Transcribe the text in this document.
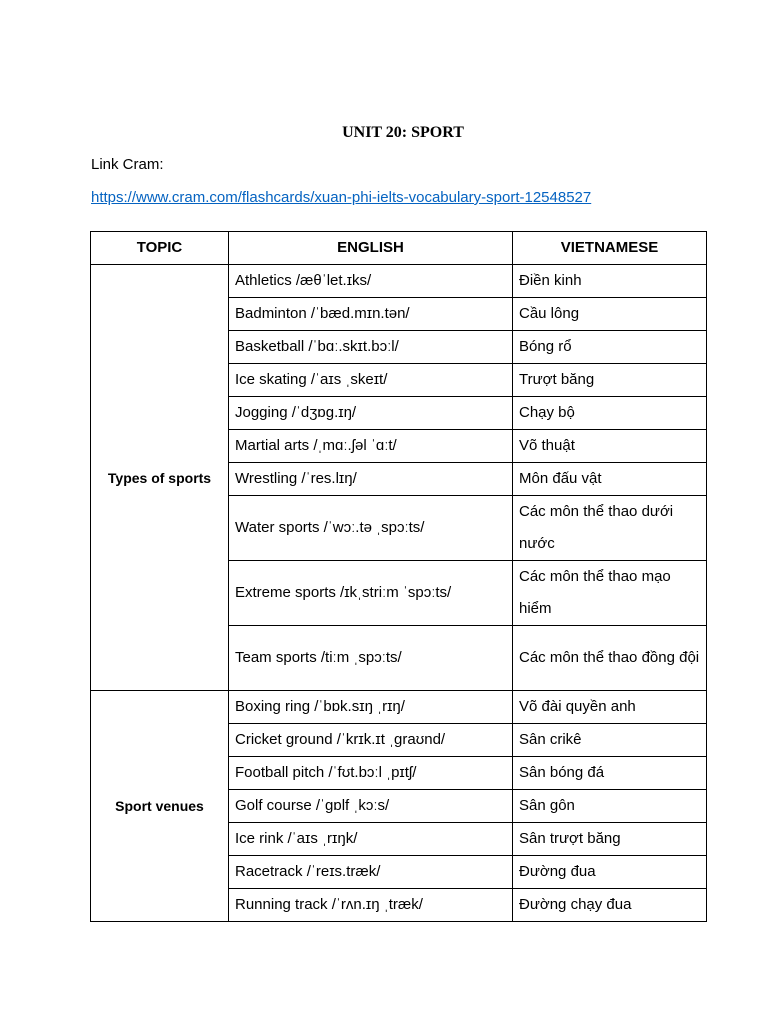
UNIT 20: SPORT
Link Cram:
https://www.cram.com/flashcards/xuan-phi-ielts-vocabulary-sport-12548527
TOPIC	ENGLISH	VIETNAMESE
Types of sports	Athletics /æθˈlet.ɪks/	Điền kinh
	Badminton /ˈbæd.mɪn.tən/	Cầu lông
	Basketball /ˈbɑː.skɪt.bɔːl/	Bóng rổ
	Ice skating /ˈaɪs ˌskeɪt/	Trượt băng
	Jogging /ˈdʒɒɡ.ɪŋ/	Chạy bộ
	Martial arts /ˌmɑː.ʃəl ˈɑːt/	Võ thuật
	Wrestling /ˈres.lɪŋ/	Môn đấu vật
	Water sports /ˈwɔː.tə ˌspɔːts/	Các môn thể thao dưới nước
	Extreme sports /ɪkˌstriːm ˈspɔːts/	Các môn thể thao mạo hiểm
	Team sports /tiːm ˌspɔːts/	Các môn thể thao đồng đội
Sport venues	Boxing ring /ˈbɒk.sɪŋ ˌrɪŋ/	Võ đài quyền anh
	Cricket ground /ˈkrɪk.ɪt ˌɡraʊnd/	Sân crikê
	Football pitch /ˈfʊt.bɔːl ˌpɪtʃ/	Sân bóng đá
	Golf course /ˈɡɒlf ˌkɔːs/	Sân gôn
	Ice rink /ˈaɪs ˌrɪŋk/	Sân trượt băng
	Racetrack /ˈreɪs.træk/	Đường đua
	Running track /ˈrʌn.ɪŋ ˌtræk/	Đường chạy đua
